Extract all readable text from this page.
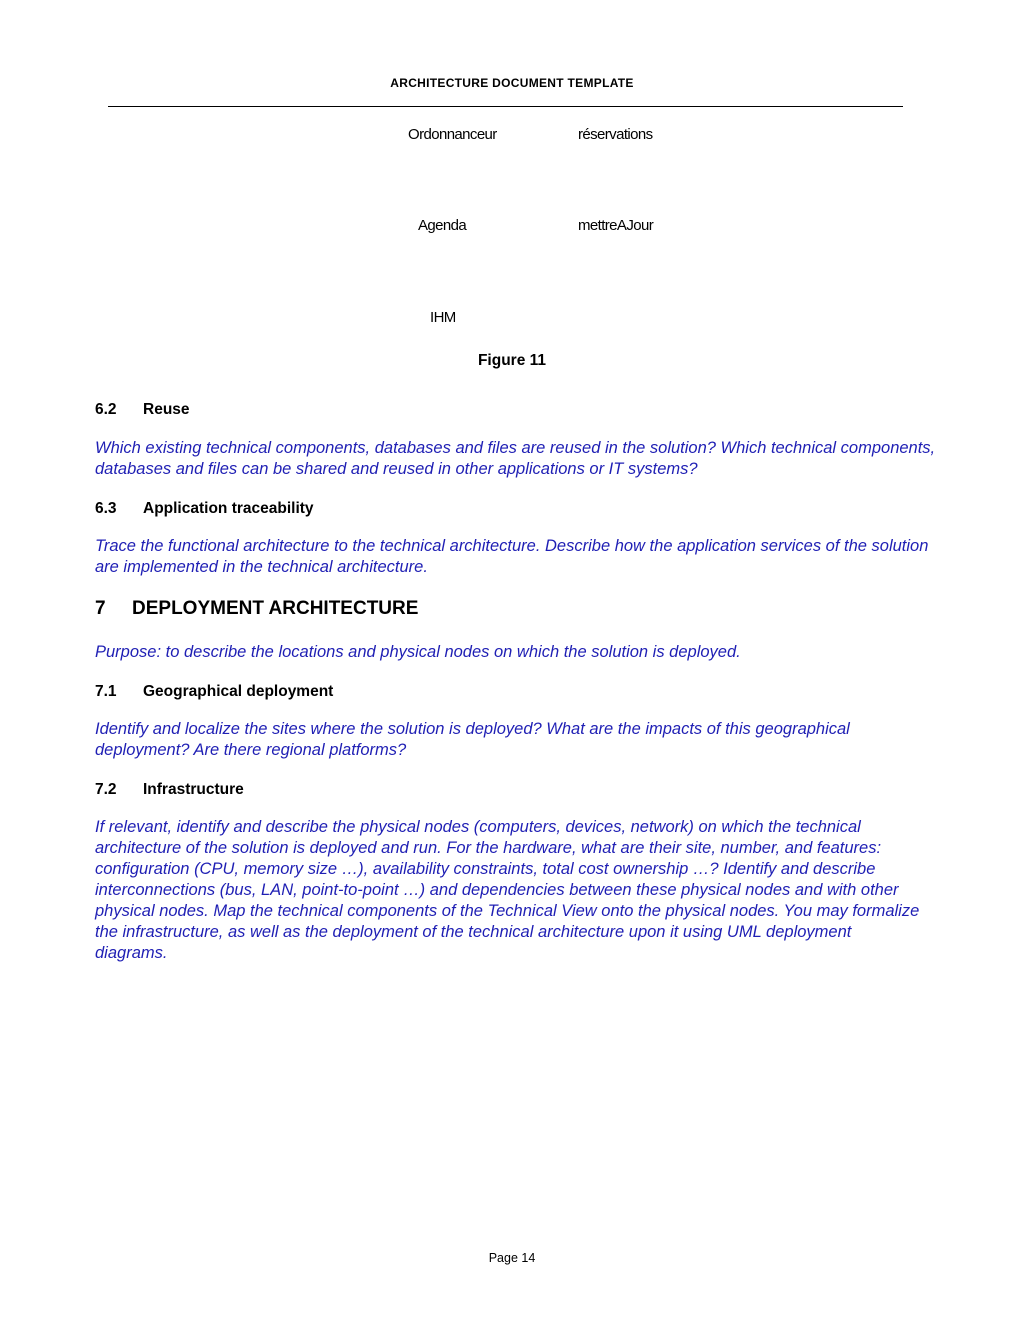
ARCHITECTURE DOCUMENT TEMPLATE
Ordonnanceur	réservations
Agenda	mettreAJour
IHM
Figure 11
6.2 Reuse

Which existing technical components, databases and files are reused in the solution? Which technical components, databases and files can be shared and reused in other applications or IT systems?

6.3 Application traceability

Trace the functional architecture to the technical architecture. Describe how the application services of the solution are implemented in the technical architecture.

7 DEPLOYMENT ARCHITECTURE

Purpose: to describe the locations and physical nodes on which the solution is deployed.

7.1 Geographical deployment

Identify and localize the sites where the solution is deployed? What are the impacts of this geographical deployment? Are there regional platforms?

7.2 Infrastructure

If relevant, identify and describe the physical nodes (computers, devices, network) on which the technical architecture of the solution is deployed and run. For the hardware, what are their site, number, and features: configuration (CPU, memory size …), availability constraints, total cost ownership …? Identify and describe interconnections (bus, LAN, point-to-point …) and dependencies between these physical nodes and with other physical nodes. Map the technical components of the Technical View onto the physical nodes. You may formalize the infrastructure, as well as the deployment of the technical architecture upon it using UML deployment diagrams.

Page 14
